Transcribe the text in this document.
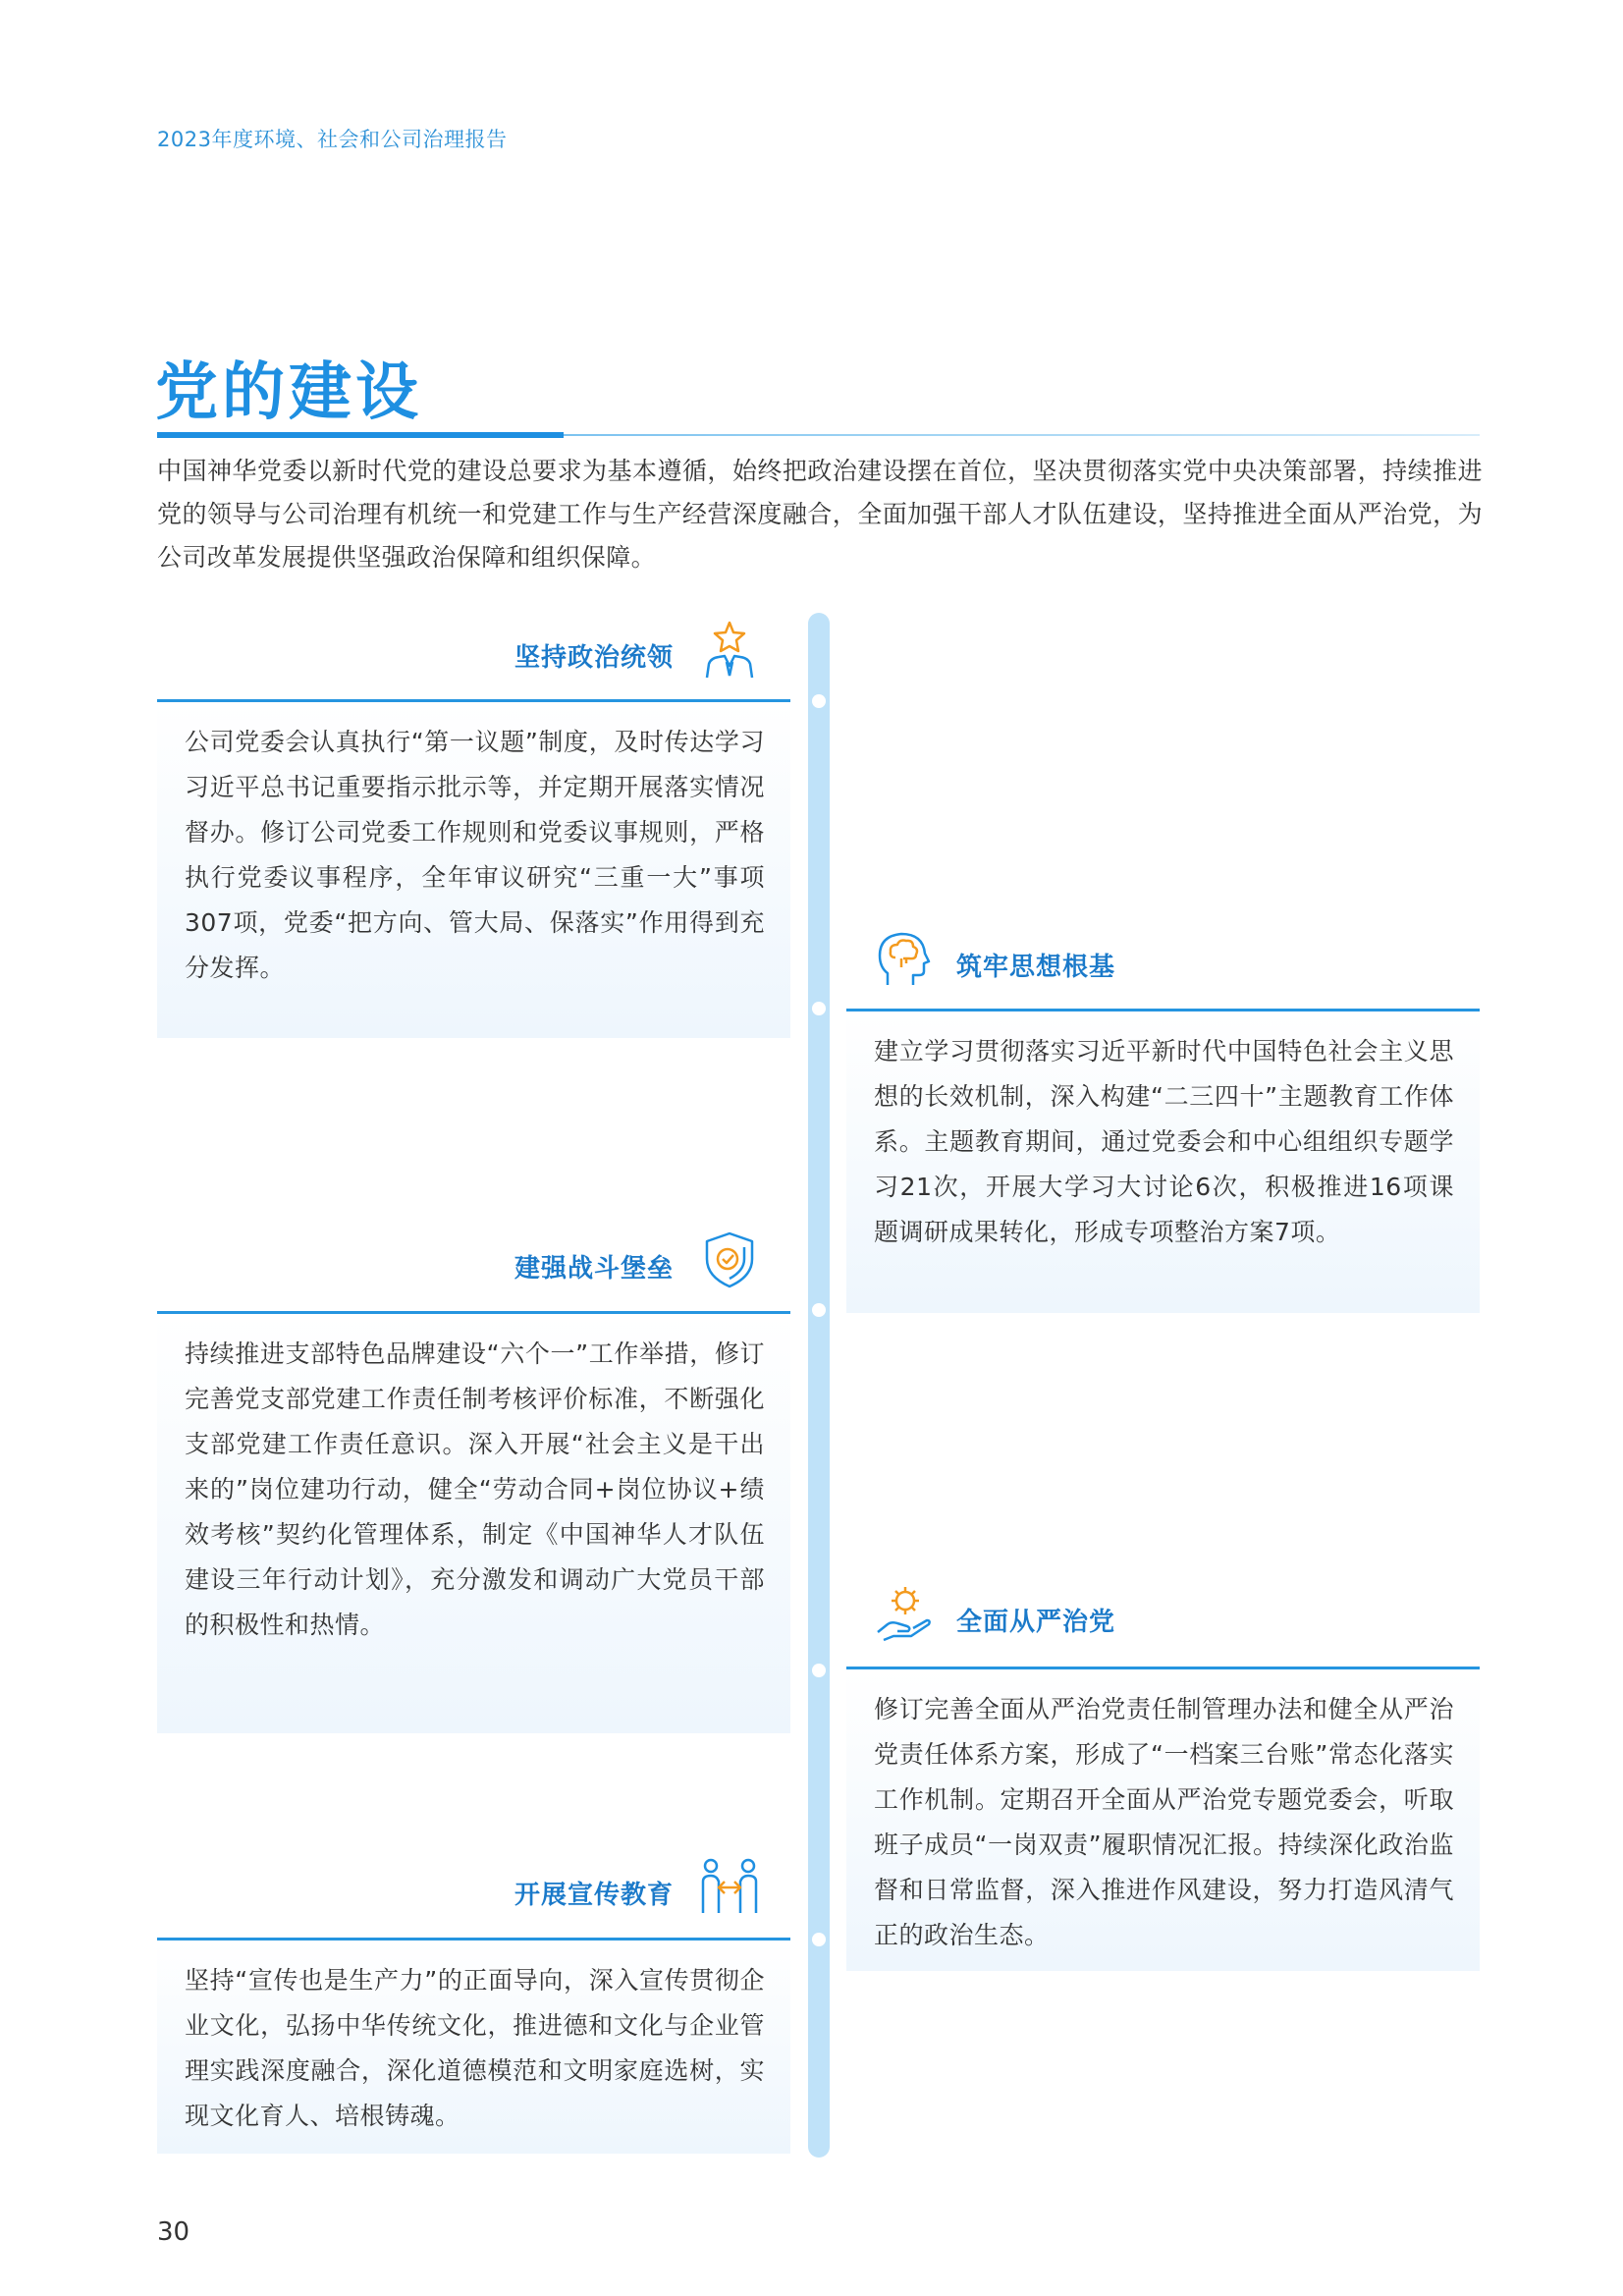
2023年度环境、社会和公司治理报告
党的建设
中国神华党委以新时代党的建设总要求为基本遵循，始终把政治建设摆在首位，坚决贯彻落实党中央决策部署，持续推进党的领导与公司治理有机统一和党建工作与生产经营深度融合，全面加强干部人才队伍建设，坚持推进全面从严治党，为公司改革发展提供坚强政治保障和组织保障。
坚持政治统领
公司党委会认真执行“第一议题”制度，及时传达学习习近平总书记重要指示批示等，并定期开展落实情况督办。修订公司党委工作规则和党委议事规则，严格执行党委议事程序，全年审议研究“三重一大”事项307项，党委“把方向、管大局、保落实”作用得到充分发挥。	筑牢思想根基
建立学习贯彻落实习近平新时代中国特色社会主义思想的长效机制，深入构建“二三四十”主题教育工作体系。主题教育期间，通过党委会和中心组组织专题学习21次，开展大学习大讨论6次，积极推进16项课题调研成果转化，形成专项整治方案7项。
建强战斗堡垒
持续推进支部特色品牌建设“六个一”工作举措，修订完善党支部党建工作责任制考核评价标准，不断强化支部党建工作责任意识。深入开展“社会主义是干出来的”岗位建功行动，健全“劳动合同+岗位协议+绩效考核”契约化管理体系，制定《中国神华人才队伍建设三年行动计划》，充分激发和调动广大党员干部的积极性和热情。	全面从严治党
修订完善全面从严治党责任制管理办法和健全从严治党责任体系方案，形成了“一档案三台账”常态化落实工作机制。定期召开全面从严治党专题党委会，听取班子成员“一岗双责”履职情况汇报。持续深化政治监督和日常监督，深入推进作风建设，努力打造风清气正的政治生态。
开展宣传教育
坚持“宣传也是生产力”的正面导向，深入宣传贯彻企业文化，弘扬中华传统文化，推进德和文化与企业管理实践深度融合，深化道德模范和文明家庭选树，实现文化育人、培根铸魂。
30
